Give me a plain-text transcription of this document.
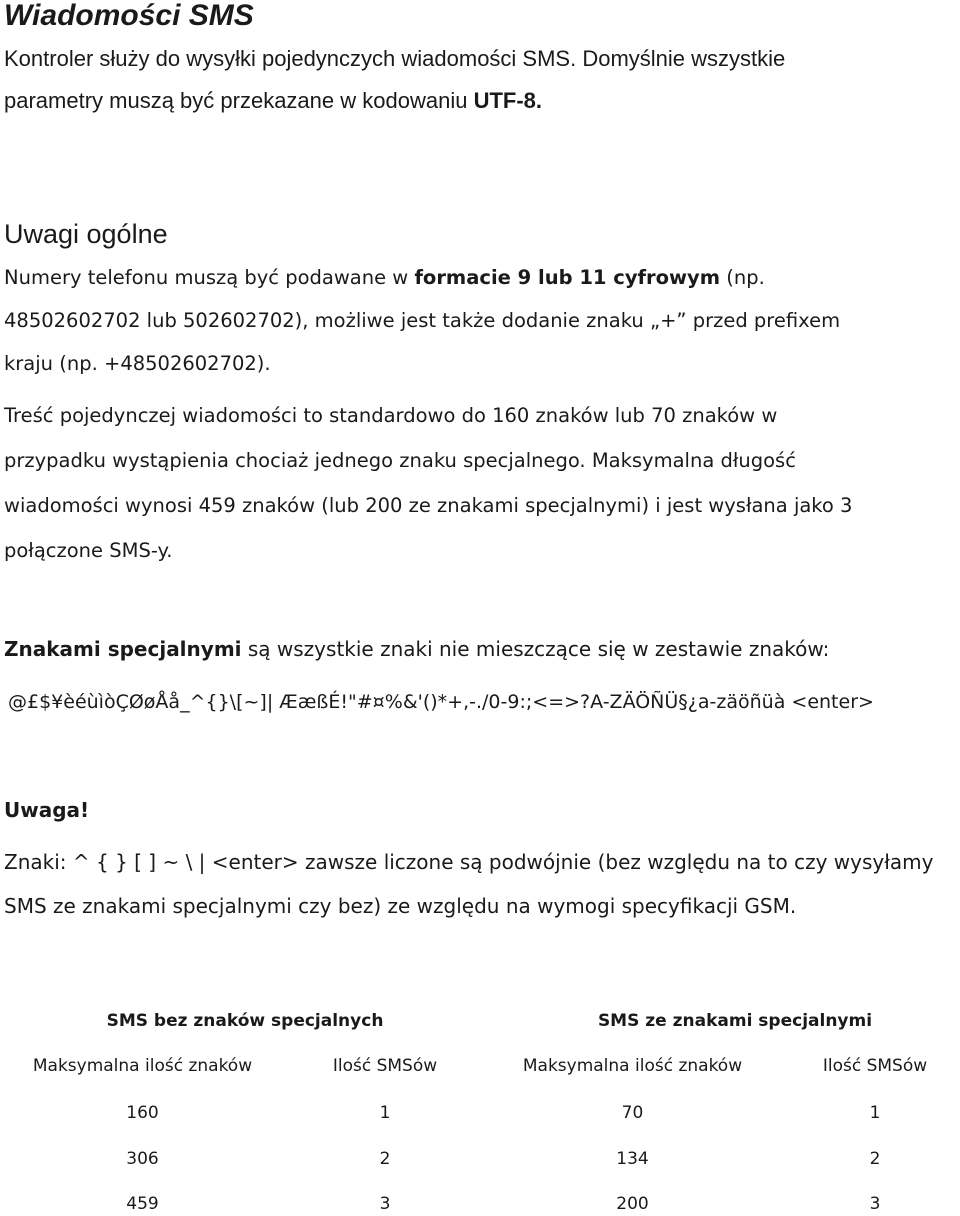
Wiadomości SMS
Kontroler służy do wysyłki pojedynczych wiadomości SMS. Domyślnie wszystkie
parametry muszą być przekazane w kodowaniu UTF-8.
Uwagi ogólne
Numery telefonu muszą być podawane w formacie 9 lub 11 cyfrowym (np.
48502602702 lub 502602702), możliwe jest także dodanie znaku „+” przed prefixem
kraju (np. +48502602702).
Treść pojedynczej wiadomości to standardowo do 160 znaków lub 70 znaków w
przypadku wystąpienia chociaż jednego znaku specjalnego. Maksymalna długość
wiadomości wynosi 459 znaków (lub 200 ze znakami specjalnymi) i jest wysłana jako 3
połączone SMS-y.
Znakami specjalnymi są wszystkie znaki nie mieszczące się w zestawie znaków:
@£$¥èéùìòÇØøÅå_^{}\[~]| ÆæßÉ!"#¤%&'()*+,-./0-9:;<=>?A-ZÄÖÑÜ§¿a-zäöñüà <enter>
Uwaga!
Znaki: ^ { } [ ] ~ \ | <enter> zawsze liczone są podwójnie (bez względu na to czy wysyłamy
SMS ze znakami specjalnymi czy bez) ze względu na wymogi specyfikacji GSM.
SMS bez znaków specjalnych	SMS ze znakami specjalnymi
Maksymalna ilość znaków	Ilość SMSów	Maksymalna ilość znaków	Ilość SMSów
160	1	70	1
306	2	134	2
459	3	200	3
